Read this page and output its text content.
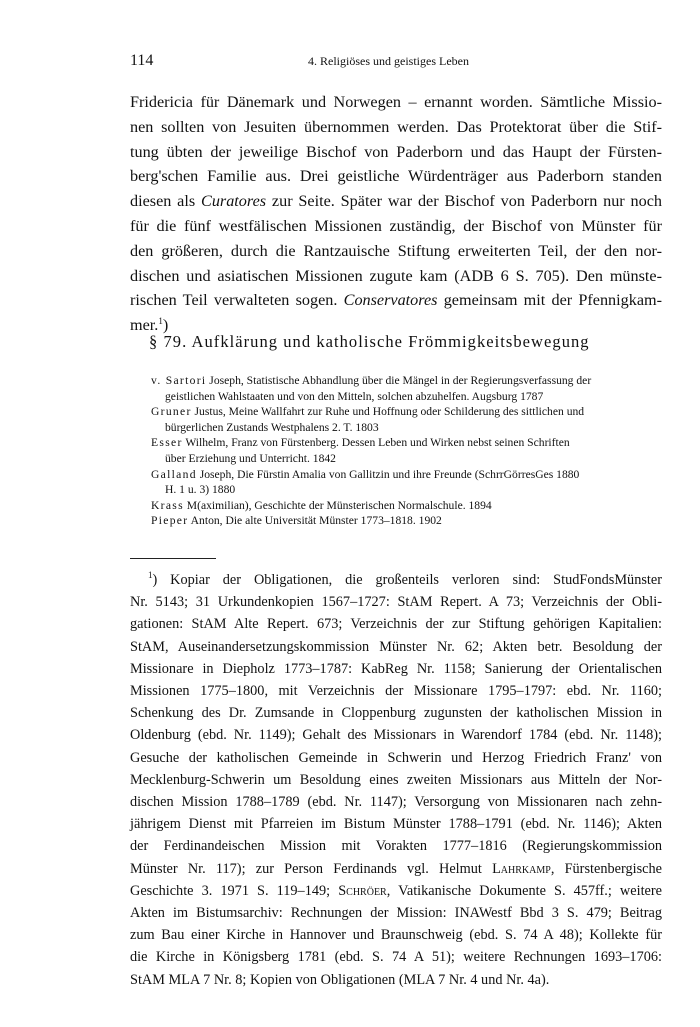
114	4. Religiöses und geistiges Leben

Fridericia für Dänemark und Norwegen – ernannt worden. Sämtliche Missio-
nen sollten von Jesuiten übernommen werden. Das Protektorat über die Stif-
tung übten der jeweilige Bischof von Paderborn und das Haupt der Fürsten-
berg'schen Familie aus. Drei geistliche Würdenträger aus Paderborn standen
diesen als Curatores zur Seite. Später war der Bischof von Paderborn nur noch
für die fünf westfälischen Missionen zuständig, der Bischof von Münster für
den größeren, durch die Rantzauische Stiftung erweiterten Teil, der den nor-
dischen und asiatischen Missionen zugute kam (ADB 6 S. 705). Den münste-
rischen Teil verwalteten sogen. Conservatores gemeinsam mit der Pfennigkam-
mer.$^1$)

§ 79. Aufklärung und katholische Frömmigkeitsbewegung
v. Sartori Joseph, Statistische Abhandlung über die Mängel in der Regierungsverfassung der
geistlichen Wahlstaaten und von den Mitteln, solchen abzuhelfen. Augsburg 1787
Gruner Justus, Meine Wallfahrt zur Ruhe und Hoffnung oder Schilderung des sittlichen und
bürgerlichen Zustands Westphalens 2. T. 1803
Esser Wilhelm, Franz von Fürstenberg. Dessen Leben und Wirken nebst seinen Schriften
über Erziehung und Unterricht. 1842
Galland Joseph, Die Fürstin Amalia von Gallitzin und ihre Freunde (SchrrGörresGes 1880
H. 1 u. 3) 1880
Krass M(aximilian), Geschichte der Münsterischen Normalschule. 1894
Pieper Anton, Die alte Universität Münster 1773–1818. 1902

$^1$) Kopiar der Obligationen, die großenteils verloren sind: StudFondsMünster
Nr. 5143; 31 Urkundenkopien 1567–1727: StAM Repert. A 73; Verzeichnis der Obli-
gationen: StAM Alte Repert. 673; Verzeichnis der zur Stiftung gehörigen Kapitalien:
StAM, Auseinandersetzungskommission Münster Nr. 62; Akten betr. Besoldung der
Missionare in Diepholz 1773–1787: KabReg Nr. 1158; Sanierung der Orientalischen
Missionen 1775–1800, mit Verzeichnis der Missionare 1795–1797: ebd. Nr. 1160;
Schenkung des Dr. Zumsande in Cloppenburg zugunsten der katholischen Mission in
Oldenburg (ebd. Nr. 1149); Gehalt des Missionars in Warendorf 1784 (ebd. Nr. 1148);
Gesuche der katholischen Gemeinde in Schwerin und Herzog Friedrich Franz' von
Mecklenburg-Schwerin um Besoldung eines zweiten Missionars aus Mitteln der Nor-
dischen Mission 1788–1789 (ebd. Nr. 1147); Versorgung von Missionaren nach zehn-
jährigem Dienst mit Pfarreien im Bistum Münster 1788–1791 (ebd. Nr. 1146); Akten
der Ferdinandeischen Mission mit Vorakten 1777–1816 (Regierungskommission
Münster Nr. 117); zur Person Ferdinands vgl. Helmut Lahrkamp, Fürstenbergische
Geschichte 3. 1971 S. 119–149; Schröer, Vatikanische Dokumente S. 457ff.; weitere
Akten im Bistumsarchiv: Rechnungen der Mission: INAWestf Bbd 3 S. 479; Beitrag
zum Bau einer Kirche in Hannover und Braunschweig (ebd. S. 74 A 48); Kollekte für
die Kirche in Königsberg 1781 (ebd. S. 74 A 51); weitere Rechnungen 1693–1706:
StAM MLA 7 Nr. 8; Kopien von Obligationen (MLA 7 Nr. 4 und Nr. 4a).
